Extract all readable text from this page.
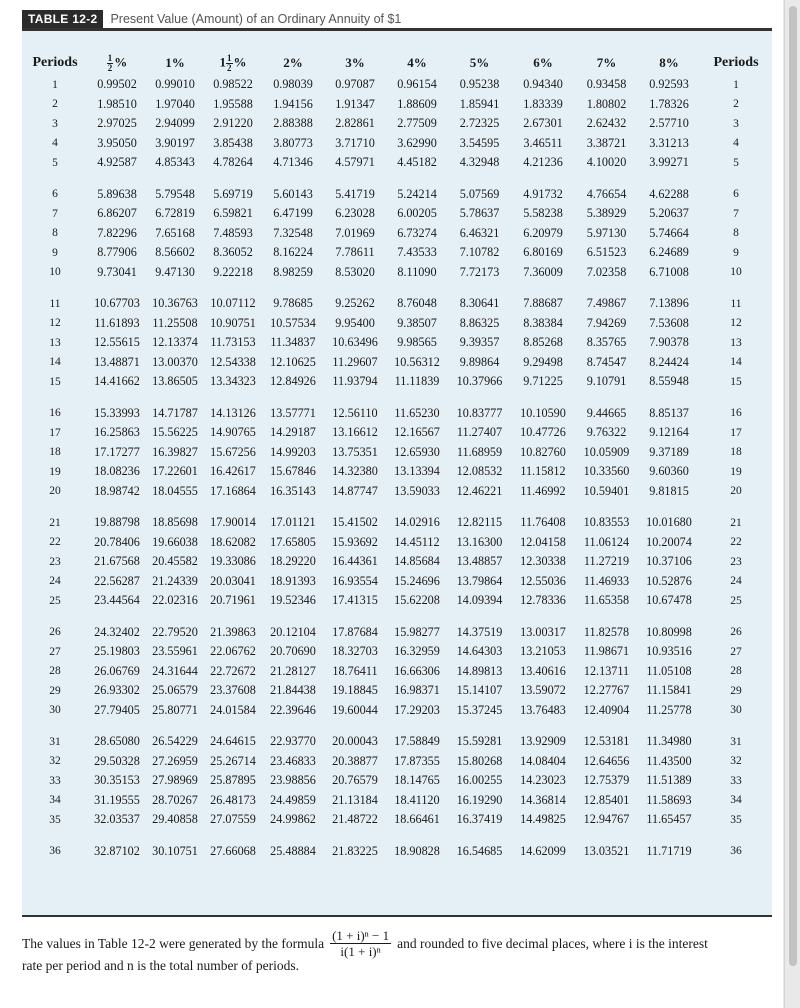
TABLE 12-2	Present Value (Amount) of an Ordinary Annuity of $1
Periods	$\frac{1}{2}$ %	1%	$1 \frac{1}{2}$ %	2%	3%	4%	5%	6%	7%	8%	Periods
1	0.99502	0.99010	0.98522	0.98039	0.97087	0.96154	0.95238	0.94340	0.93458	0.92593	1
2	1.98510	1.97040	1.95588	1.94156	1.91347	1.88609	1.85941	1.83339	1.80802	1.78326	2
3	2.97025	2.94099	2.91220	2.88388	2.82861	2.77509	2.72325	2.67301	2.62432	2.57710	3
4	3.95050	3.90197	3.85438	3.80773	3.71710	3.62990	3.54595	3.46511	3.38721	3.31213	4
5	4.92587	4.85343	4.78264	4.71346	4.57971	4.45182	4.32948	4.21236	4.10020	3.99271	5

6	5.89638	5.79548	5.69719	5.60143	5.41719	5.24214	5.07569	4.91732	4.76654	4.62288	6
7	6.86207	6.72819	6.59821	6.47199	6.23028	6.00205	5.78637	5.58238	5.38929	5.20637	7
8	7.82296	7.65168	7.48593	7.32548	7.01969	6.73274	6.46321	6.20979	5.97130	5.74664	8
9	8.77906	8.56602	8.36052	8.16224	7.78611	7.43533	7.10782	6.80169	6.51523	6.24689	9
10	9.73041	9.47130	9.22218	8.98259	8.53020	8.11090	7.72173	7.36009	7.02358	6.71008	10

11	10.67703	10.36763	10.07112	9.78685	9.25262	8.76048	8.30641	7.88687	7.49867	7.13896	11
12	11.61893	11.25508	10.90751	10.57534	9.95400	9.38507	8.86325	8.38384	7.94269	7.53608	12
13	12.55615	12.13374	11.73153	11.34837	10.63496	9.98565	9.39357	8.85268	8.35765	7.90378	13
14	13.48871	13.00370	12.54338	12.10625	11.29607	10.56312	9.89864	9.29498	8.74547	8.24424	14
15	14.41662	13.86505	13.34323	12.84926	11.93794	11.11839	10.37966	9.71225	9.10791	8.55948	15

16	15.33993	14.71787	14.13126	13.57771	12.56110	11.65230	10.83777	10.10590	9.44665	8.85137	16
17	16.25863	15.56225	14.90765	14.29187	13.16612	12.16567	11.27407	10.47726	9.76322	9.12164	17
18	17.17277	16.39827	15.67256	14.99203	13.75351	12.65930	11.68959	10.82760	10.05909	9.37189	18
19	18.08236	17.22601	16.42617	15.67846	14.32380	13.13394	12.08532	11.15812	10.33560	9.60360	19
20	18.98742	18.04555	17.16864	16.35143	14.87747	13.59033	12.46221	11.46992	10.59401	9.81815	20

21	19.88798	18.85698	17.90014	17.01121	15.41502	14.02916	12.82115	11.76408	10.83553	10.01680	21
22	20.78406	19.66038	18.62082	17.65805	15.93692	14.45112	13.16300	12.04158	11.06124	10.20074	22
23	21.67568	20.45582	19.33086	18.29220	16.44361	14.85684	13.48857	12.30338	11.27219	10.37106	23
24	22.56287	21.24339	20.03041	18.91393	16.93554	15.24696	13.79864	12.55036	11.46933	10.52876	24
25	23.44564	22.02316	20.71961	19.52346	17.41315	15.62208	14.09394	12.78336	11.65358	10.67478	25

26	24.32402	22.79520	21.39863	20.12104	17.87684	15.98277	14.37519	13.00317	11.82578	10.80998	26
27	25.19803	23.55961	22.06762	20.70690	18.32703	16.32959	14.64303	13.21053	11.98671	10.93516	27
28	26.06769	24.31644	22.72672	21.28127	18.76411	16.66306	14.89813	13.40616	12.13711	11.05108	28
29	26.93302	25.06579	23.37608	21.84438	19.18845	16.98371	15.14107	13.59072	12.27767	11.15841	29
30	27.79405	25.80771	24.01584	22.39646	19.60044	17.29203	15.37245	13.76483	12.40904	11.25778	30

31	28.65080	26.54229	24.64615	22.93770	20.00043	17.58849	15.59281	13.92909	12.53181	11.34980	31
32	29.50328	27.26959	25.26714	23.46833	20.38877	17.87355	15.80268	14.08404	12.64656	11.43500	32
33	30.35153	27.98969	25.87895	23.98856	20.76579	18.14765	16.00255	14.23023	12.75379	11.51389	33
34	31.19555	28.70267	26.48173	24.49859	21.13184	18.41120	16.19290	14.36814	12.85401	11.58693	34
35	32.03537	29.40858	27.07559	24.99862	21.48722	18.66461	16.37419	14.49825	12.94767	11.65457	35

36	32.87102	30.10751	27.66068	25.48884	21.83225	18.90828	16.54685	14.62099	13.03521	11.71719	36
The values in Table 12-2 were generated by the formula $\frac{\text{(1 + i)ⁿ − 1}}{\text{i(1 + i)ⁿ}}$ and rounded to five decimal places, where i is the interest
rate per period and n is the total number of periods.
